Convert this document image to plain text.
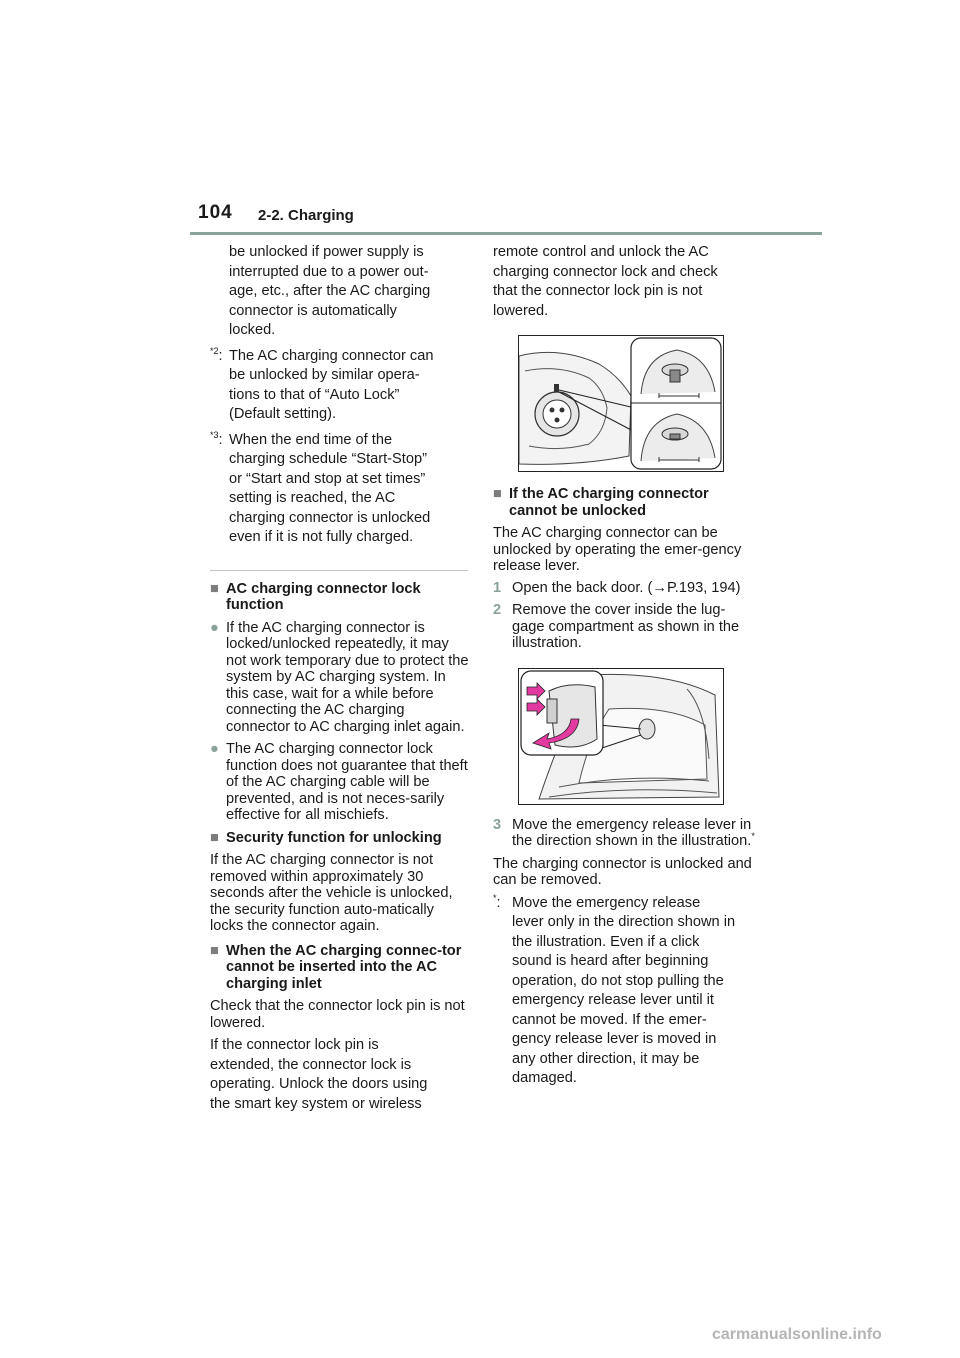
104 2-2. Charging
be unlocked if power supply is
interrupted due to a power out-
age, etc., after the AC charging
connector is automatically
locked.
$^{*2}$: The AC charging connector can
be unlocked by similar opera-
tions to that of “Auto Lock”
(Default setting).
$^{*3}$: When the end time of the
charging schedule “Start-Stop”
or “Start and stop at set times”
setting is reached, the AC
charging connector is unlocked
even if it is not fully charged.
■ AC charging connector lock function
● If the AC charging connector is locked/unlocked repeatedly, it may not work temporary due to protect the system by AC charging system. In this case, wait for a while before connecting the AC charging connector to AC charging inlet again.
● The AC charging connector lock function does not guarantee that theft of the AC charging cable will be prevented, and is not neces-sarily effective for all mischiefs.
■ Security function for unlocking
If the AC charging connector is not removed within approximately 30 seconds after the vehicle is unlocked, the security function auto-matically locks the connector again.
■ When the AC charging connec-tor cannot be inserted into the AC charging inlet
Check that the connector lock pin is not lowered.
If the connector lock pin is
extended, the connector lock is
operating. Unlock the doors using
the smart key system or wireless
remote control and unlock the AC
charging connector lock and check
that the connector lock pin is not
lowered.
■ If the AC charging connector cannot be unlocked
The AC charging connector can be unlocked by operating the emer-gency release lever.
1 Open the back door. (→P.193, 194)
2 Remove the cover inside the lug-gage compartment as shown in the illustration.
3 Move the emergency release lever in the direction shown in the illustration.*
The charging connector is unlocked and can be removed.
*: Move the emergency release
lever only in the direction shown in
the illustration. Even if a click
sound is heard after beginning
operation, do not stop pulling the
emergency release lever until it
cannot be moved. If the emer-
gency release lever is moved in
any other direction, it may be
damaged.
carmanualsonline.info
